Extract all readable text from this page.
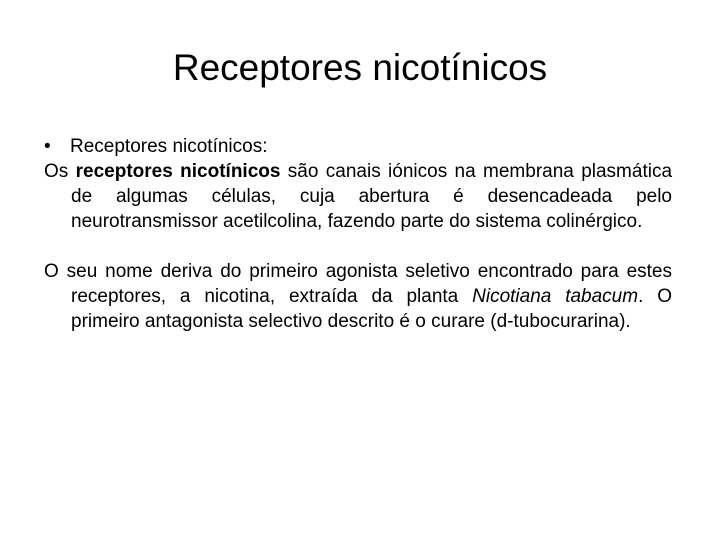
Receptores nicotínicos
•	Receptores nicotínicos:

Os receptores nicotínicos são canais iónicos na membrana plasmática de algumas células, cuja abertura é desencadeada pelo neurotransmissor acetilcolina, fazendo parte do sistema colinérgico.

O seu nome deriva do primeiro agonista seletivo encontrado para estes receptores, a nicotina, extraída da planta Nicotiana tabacum. O primeiro antagonista selectivo descrito é o curare (d-tubocurarina).
